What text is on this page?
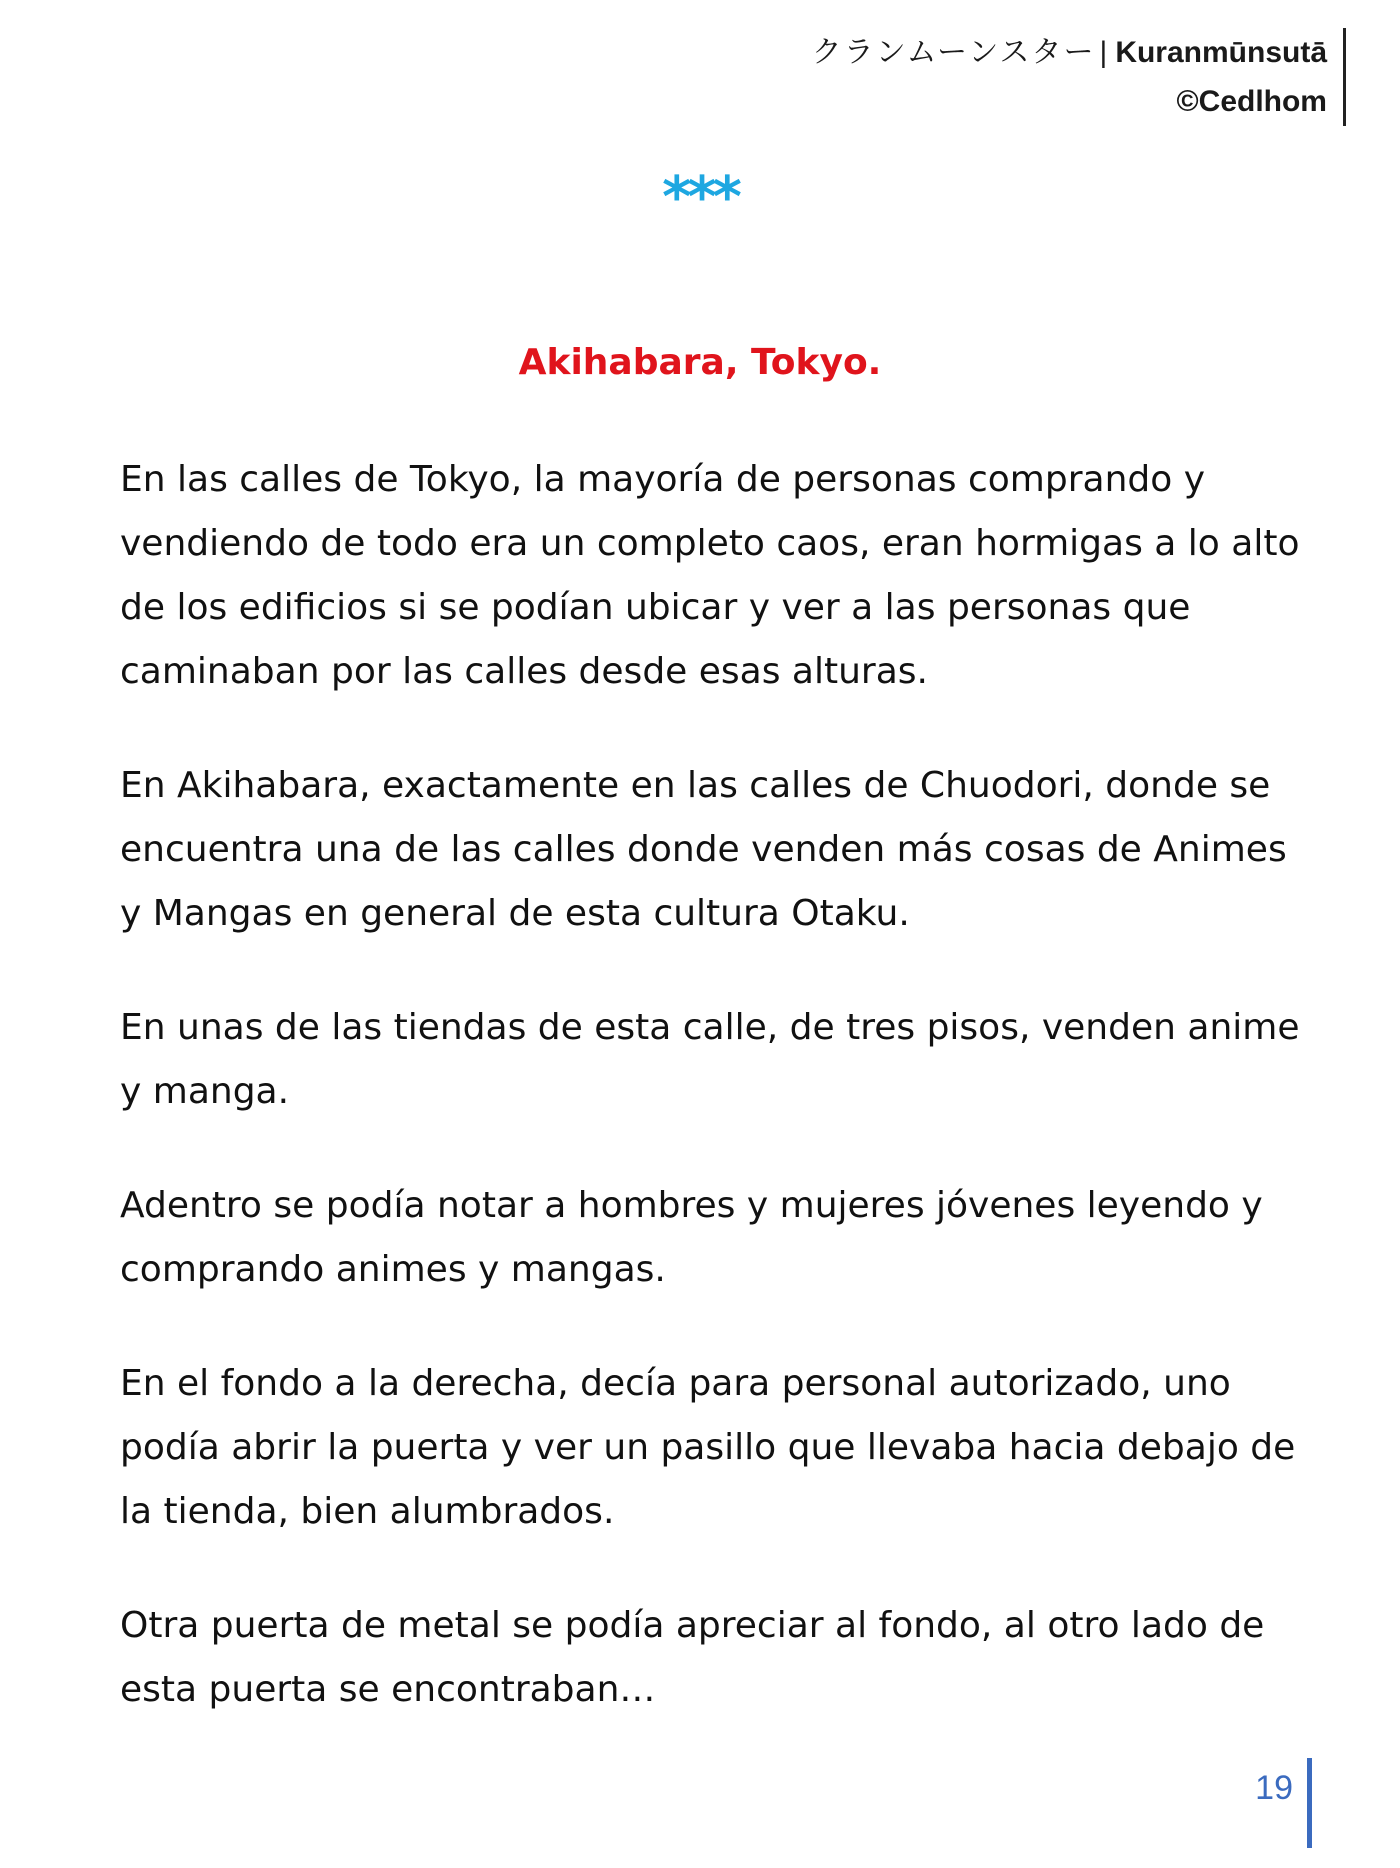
クランムーンスター | Kuranmūnsutā
©Cedlhom
***
Akihabara, Tokyo.

En las calles de Tokyo, la mayoría de personas comprando y vendiendo de todo era un completo caos, eran hormigas a lo alto de los edificios si se podían ubicar y ver a las personas que caminaban por las calles desde esas alturas.

En Akihabara, exactamente en las calles de Chuodori, donde se encuentra una de las calles donde venden más cosas de Animes y Mangas en general de esta cultura Otaku.

En unas de las tiendas de esta calle, de tres pisos, venden anime y manga.

Adentro se podía notar a hombres y mujeres jóvenes leyendo y comprando animes y mangas.

En el fondo a la derecha, decía para personal autorizado, uno podía abrir la puerta y ver un pasillo que llevaba hacia debajo de la tienda, bien alumbrados.

Otra puerta de metal se podía apreciar al fondo, al otro lado de esta puerta se encontraban…

19
